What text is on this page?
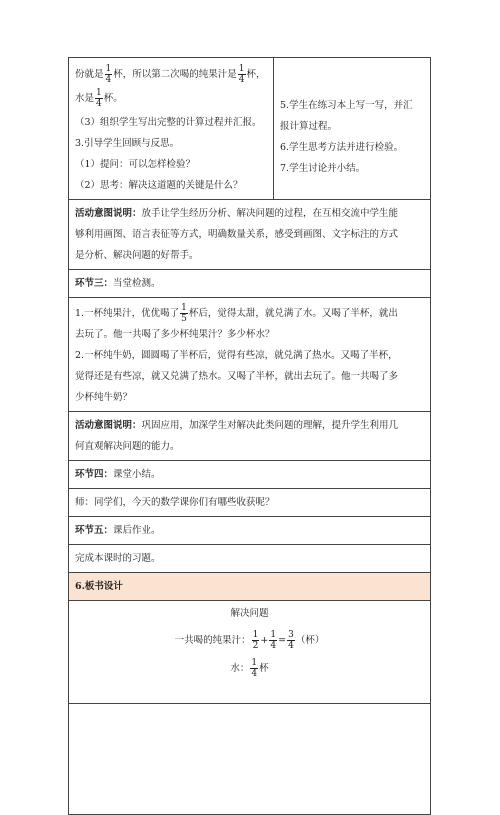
份就是 $\frac{1}{4}$ 杯，所以第二次喝的纯果汁是 $\frac{1}{4}$ 杯，
水是 $\frac{1}{4}$ 杯。
（3）组织学生写出完整的计算过程并汇报。
3.引导学生回顾与反思。
（1）提问：可以怎样检验？
（2）思考：解决这道题的关键是什么？

5.学生在练习本上写一写，并汇
报计算过程。
6.学生思考方法并进行检验。
7.学生讨论并小结。

活动意图说明：放手让学生经历分析、解决问题的过程，在互相交流中学生能
够利用画图、语言表征等方式，明确数量关系，感受到画图、文字标注的方式
是分析、解决问题的好帮手。

环节三：当堂检测。

1.一杯纯果汁，优优喝了 $\frac{1}{5}$ 杯后，觉得太甜，就兑满了水。又喝了半杯，就出
去玩了。他一共喝了多少杯纯果汁？多少杯水？
2.一杯纯牛奶，圆圆喝了半杯后，觉得有些凉，就兑满了热水。又喝了半杯，
觉得还是有些凉，就又兑满了热水。又喝了半杯，就出去玩了。他一共喝了多
少杯纯牛奶？

活动意图说明：巩固应用，加深学生对解决此类问题的理解，提升学生利用几
何直观解决问题的能力。

环节四：课堂小结。

师：同学们，今天的数学课你们有哪些收获呢？

环节五：课后作业。

完成本课时的习题。

6.板书设计

解决问题
一共喝的纯果汁： $\frac{1}{2} + \frac{1}{4} = \frac{3}{4}$ （杯）
水： $\frac{1}{4}$ 杯
